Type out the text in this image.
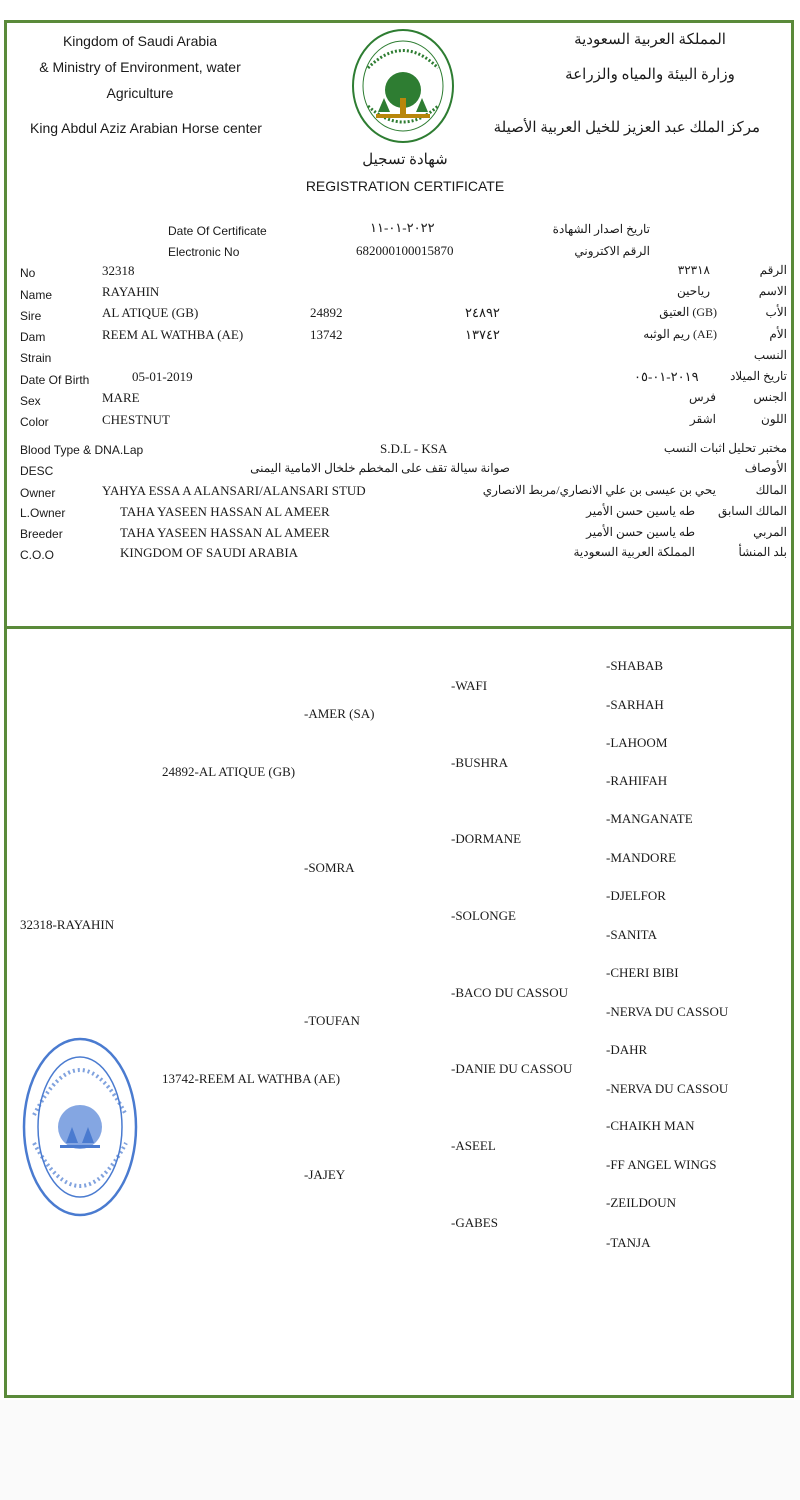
Kingdom of Saudi Arabia
& Ministry of Environment, water
Agriculture
King Abdul Aziz Arabian Horse center
المملكة العربية السعودية
وزارة البيئة والمياه والزراعة
مركز الملك عبد العزيز للخيل العربية الأصيلة
شهادة تسجيل
REGISTRATION CERTIFICATE
Date Of Certificate	٢٠٢٢-٠١-١١	تاريخ اصدار الشهادة
Electronic No	682000100015870	الرقم الاكتروني
No	32318	٣٢٣١٨	الرقم
Name	RAYAHIN	رياحين	الاسم
Sire	AL ATIQUE (GB)	24892	٢٤٨٩٢	(GB) العتيق	الأب
Dam	REEM AL WATHBA (AE)	13742	١٣٧٤٢	(AE) ريم الوثبه	الأم
Strain	النسب
Date Of Birth	05-01-2019	٢٠١٩-٠١-٠٥	تاريخ الميلاد
Sex	MARE	فرس	الجنس
Color	CHESTNUT	اشقر	اللون
Blood Type & DNA.Lap	S.D.L - KSA	مختبر تحليل اثبات النسب
DESC	صوانة سيالة تقف على المخطم خلخال الامامية اليمنى	الأوصاف
Owner	YAHYA ESSA A ALANSARI/ALANSARI STUD	يحي بن عيسى بن علي الانصاري/مربط الانصاري	المالك
L.Owner	TAHA YASEEN HASSAN AL AMEER	طه ياسين حسن الأمير	المالك السابق
Breeder	TAHA YASEEN HASSAN AL AMEER	طه ياسين حسن الأمير	المربي
C.O.O	KINGDOM OF SAUDI ARABIA	المملكة العربية السعودية	بلد المنشأ
32318-RAYAHIN
24892-AL ATIQUE (GB)
13742-REEM AL WATHBA (AE)
-AMER (SA)
-SOMRA
-TOUFAN
-JAJEY
-WAFI
-BUSHRA
-DORMANE
-SOLONGE
-BACO DU CASSOU
-DANIE DU CASSOU
-ASEEL
-GABES
-SHABAB
-SARHAH
-LAHOOM
-RAHIFAH
-MANGANATE
-MANDORE
-DJELFOR
-SANITA
-CHERI BIBI
-NERVA DU CASSOU
-DAHR
-NERVA DU CASSOU
-CHAIKH MAN
-FF ANGEL WINGS
-ZEILDOUN
-TANJA
